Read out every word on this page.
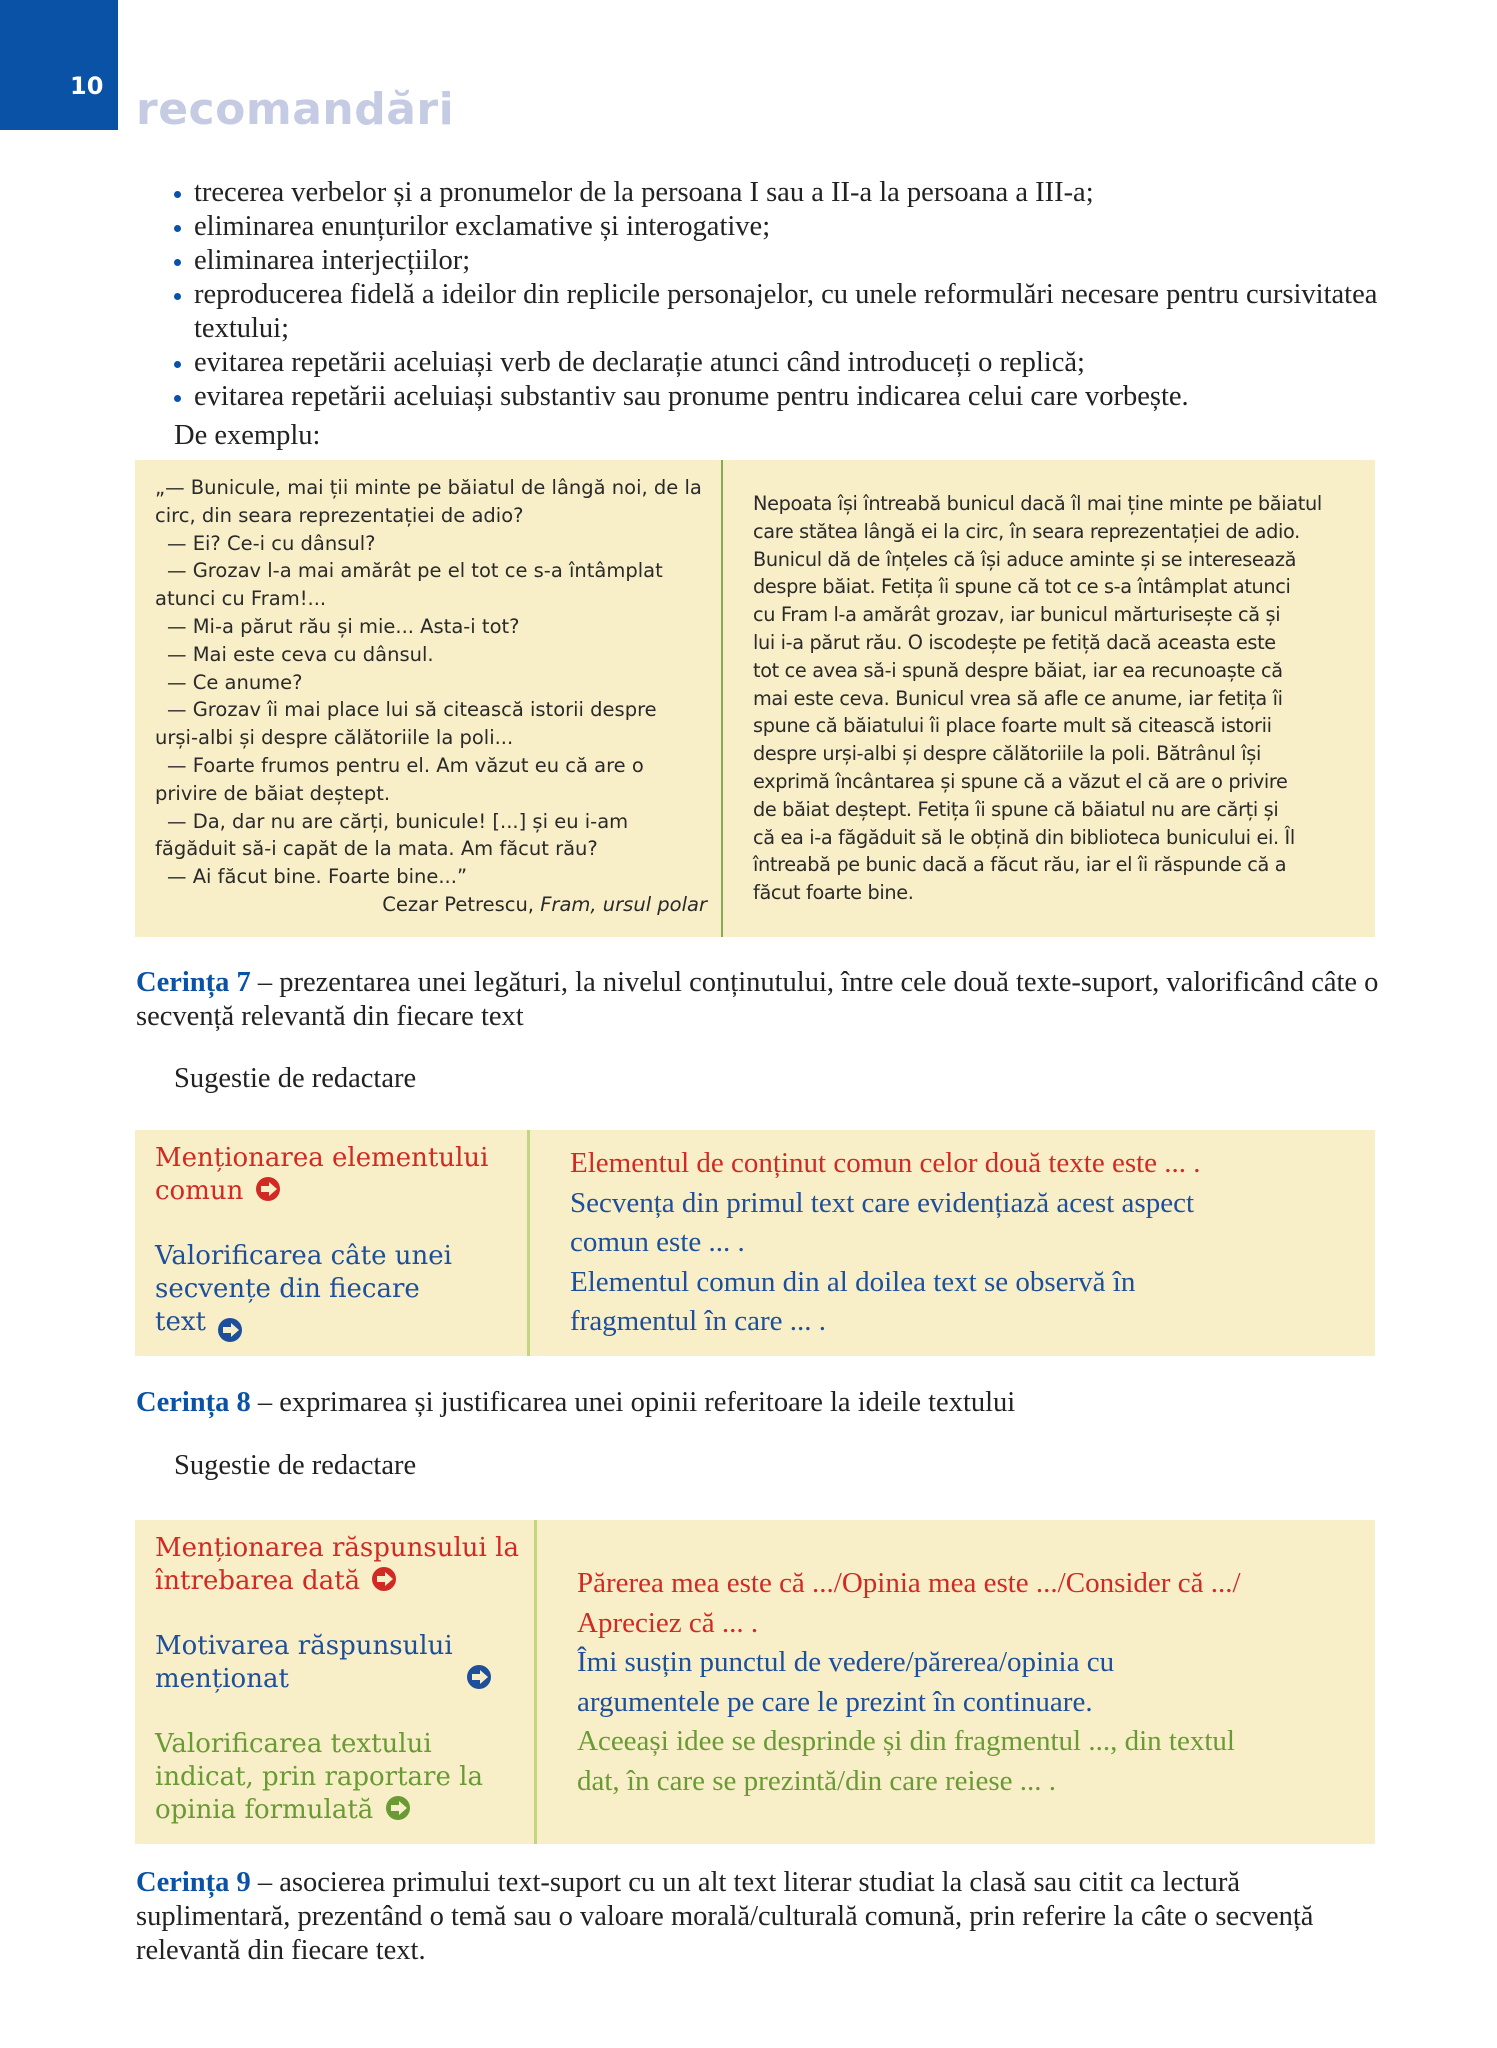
10 recomandări
trecerea verbelor și a pronumelor de la persoana I sau a II-a la persoana a III-a;
eliminarea enunțurilor exclamative și interogative;
eliminarea interjecțiilor;
reproducerea fidelă a ideilor din replicile personajelor, cu unele reformulări necesare pentru cursivitatea textului;
evitarea repetării aceluiași verb de declarație atunci când introduceți o replică;
evitarea repetării aceluiași substantiv sau pronume pentru indicarea celui care vorbește.
De exemplu:
„— Bunicule, mai ții minte pe băiatul de lângă noi, de la
circ, din seara reprezentației de adio?
— Ei? Ce-i cu dânsul?
— Grozav l-a mai amărât pe el tot ce s-a întâmplat
atunci cu Fram!...
— Mi-a părut rău și mie... Asta-i tot?
— Mai este ceva cu dânsul.
— Ce anume?
— Grozav îi mai place lui să citească istorii despre
urși-albi și despre călătoriile la poli...
— Foarte frumos pentru el. Am văzut eu că are o
privire de băiat deștept.
— Da, dar nu are cărți, bunicule! [...] și eu i-am
făgăduit să-i capăt de la mata. Am făcut rău?
— Ai făcut bine. Foarte bine...”
Cezar Petrescu, Fram, ursul polar
Nepoata își întreabă bunicul dacă îl mai ține minte pe băiatul
care stătea lângă ei la circ, în seara reprezentației de adio.
Bunicul dă de înțeles că își aduce aminte și se interesează
despre băiat. Fetița îi spune că tot ce s-a întâmplat atunci
cu Fram l-a amărât grozav, iar bunicul mărturisește că și
lui i-a părut rău. O iscodește pe fetiță dacă aceasta este
tot ce avea să-i spună despre băiat, iar ea recunoaște că
mai este ceva. Bunicul vrea să afle ce anume, iar fetița îi
spune că băiatului îi place foarte mult să citească istorii
despre urși-albi și despre călătoriile la poli. Bătrânul își
exprimă încântarea și spune că a văzut el că are o privire
de băiat deștept. Fetița îi spune că băiatul nu are cărți și
că ea i-a făgăduit să le obțină din biblioteca bunicului ei. Îl
întreabă pe bunic dacă a făcut rău, iar el îi răspunde că a
făcut foarte bine.
Cerința 7 – prezentarea unei legături, la nivelul conținutului, între cele două texte-suport, valorificând câte o secvență relevantă din fiecare text
Sugestie de redactare
Menționarea elementului comun
Valorificarea câte unei secvențe din fiecare text
Elementul de conținut comun celor două texte este ... .
Secvența din primul text care evidențiază acest aspect
comun este ... .
Elementul comun din al doilea text se observă în
fragmentul în care ... .
Cerința 8 – exprimarea și justificarea unei opinii referitoare la ideile textului
Sugestie de redactare
Menționarea răspunsului la întrebarea dată
Motivarea răspunsului menționat
Valorificarea textului indicat, prin raportare la opinia formulată
Părerea mea este că .../Opinia mea este .../Consider că .../
Apreciez că ... .
Îmi susțin punctul de vedere/părerea/opinia cu
argumentele pe care le prezint în continuare.
Aceeași idee se desprinde și din fragmentul ..., din textul
dat, în care se prezintă/din care reiese ... .
Cerința 9 – asocierea primului text-suport cu un alt text literar studiat la clasă sau citit ca lectură suplimentară, prezentând o temă sau o valoare morală/culturală comună, prin referire la câte o secvență relevantă din fiecare text.
